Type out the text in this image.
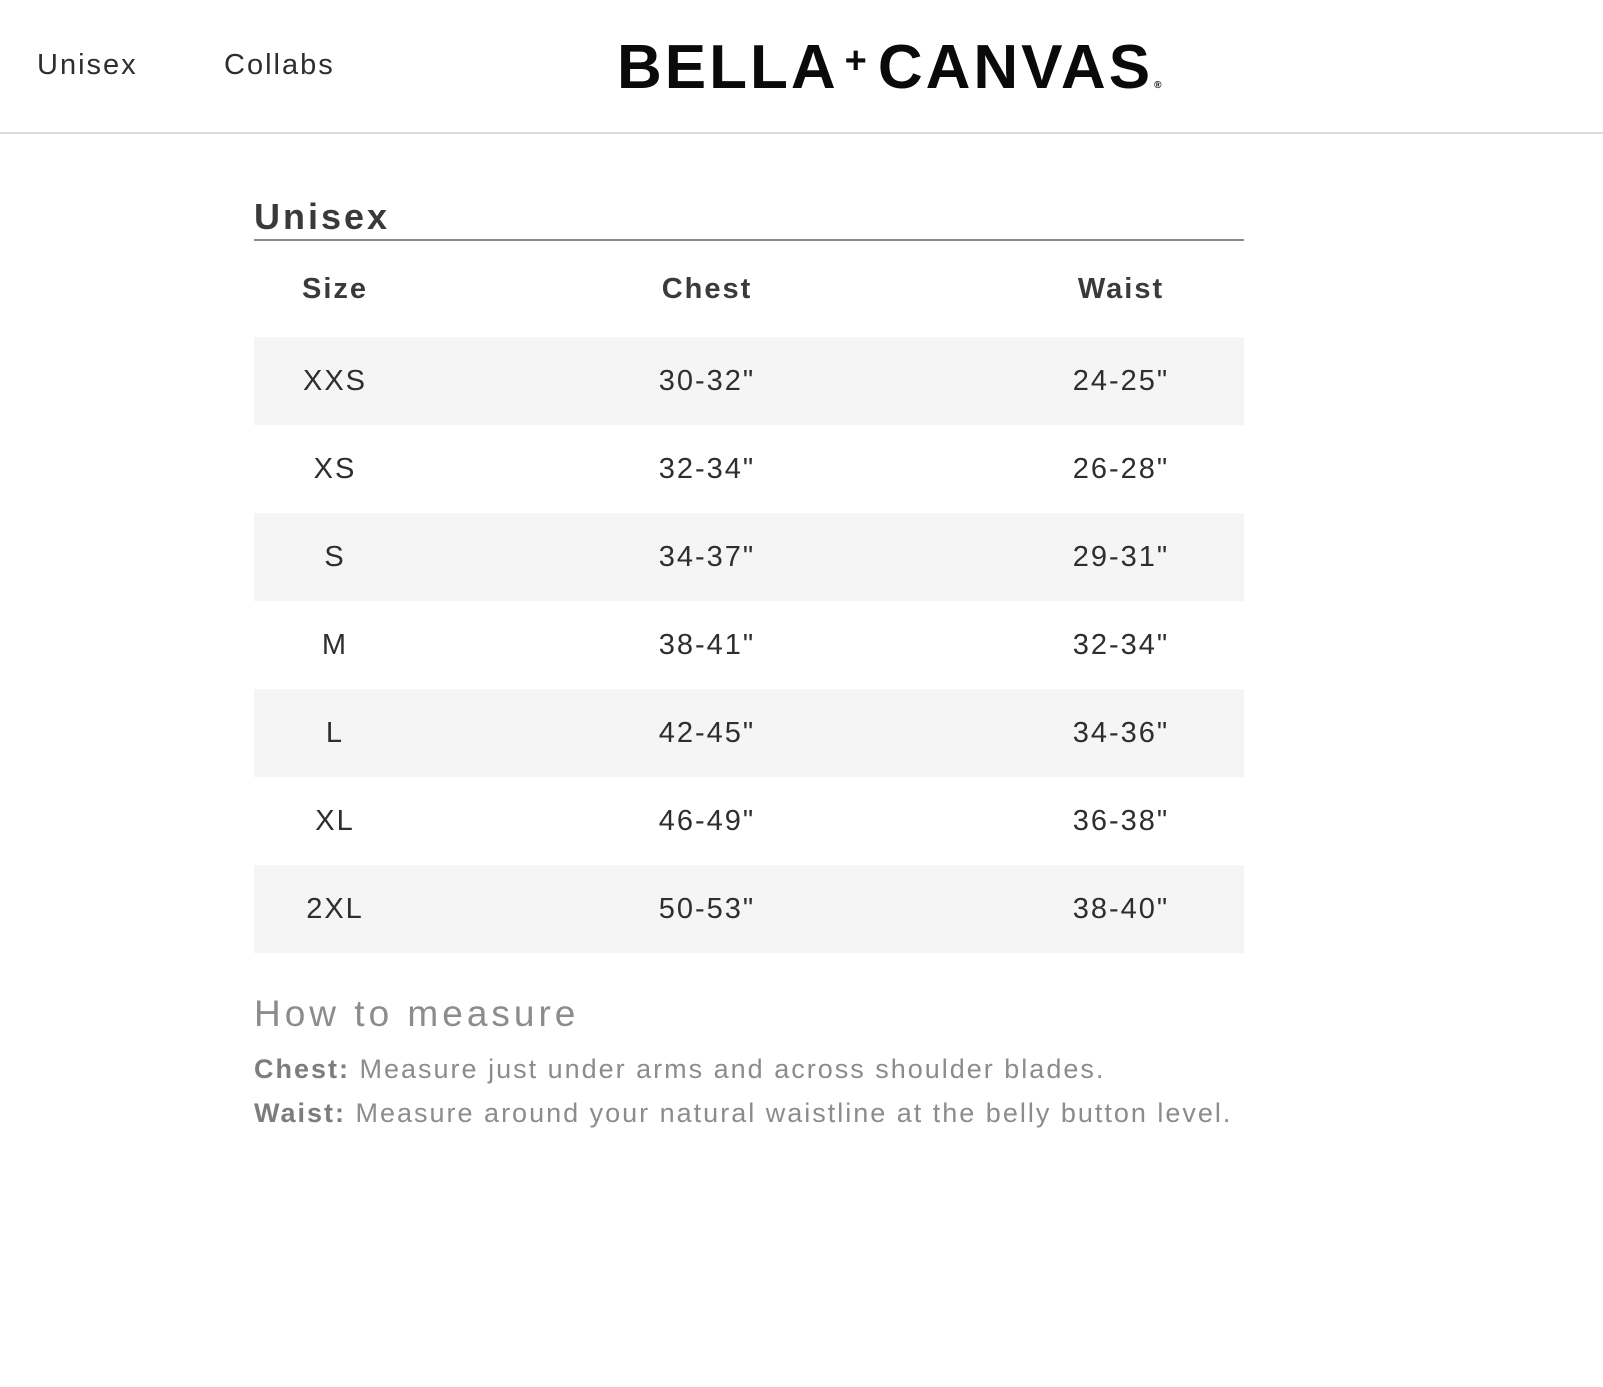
Unisex	Collabs	BELLA + CANVAS ®
Unisex
Size	Chest	Waist
XXS	30-32"	24-25"
XS	32-34"	26-28"
S	34-37"	29-31"
M	38-41"	32-34"
L	42-45"	34-36"
XL	46-49"	36-38"
2XL	50-53"	38-40"
How to measure

Chest: Measure just under arms and across shoulder blades.

Waist: Measure around your natural waistline at the belly button level.
